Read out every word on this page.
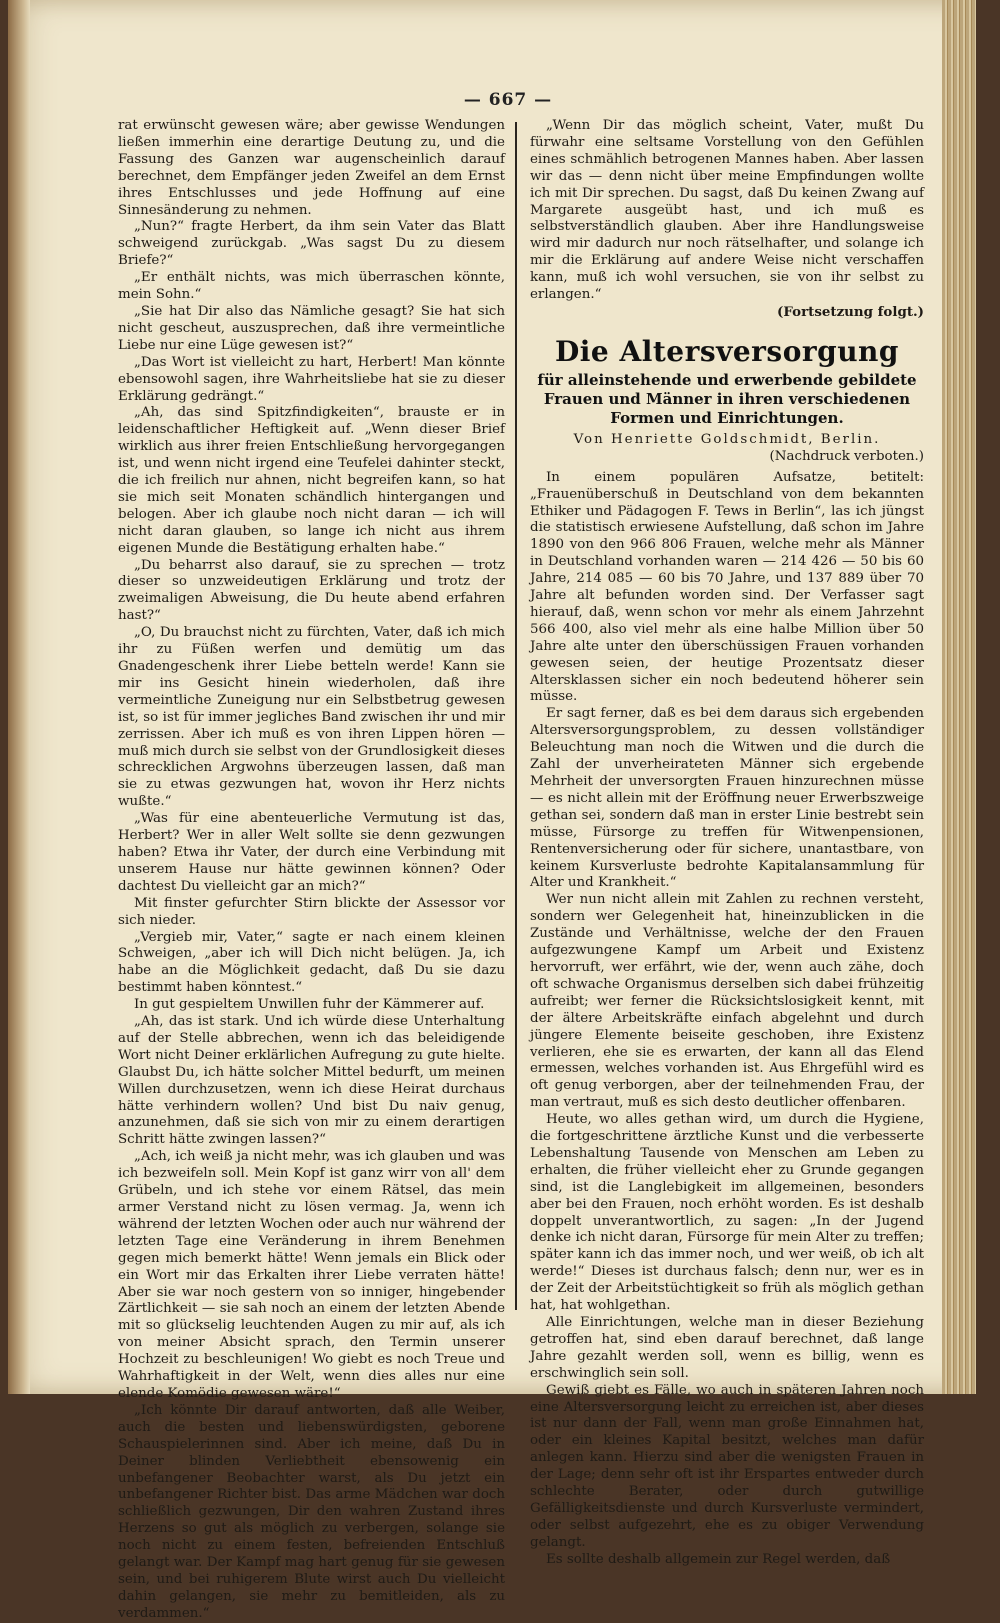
— 667 —

rat erwünscht gewesen wäre; aber gewisse Wendungen ließen immerhin eine derartige Deutung zu, und die Fassung des Ganzen war augenscheinlich darauf berechnet, dem Empfänger jeden Zweifel an dem Ernst ihres Entschlusses und jede Hoffnung auf eine Sinnesänderung zu nehmen.

„Nun?“ fragte Herbert, da ihm sein Vater das Blatt schweigend zurückgab. „Was sagst Du zu diesem Briefe?“

„Er enthält nichts, was mich überraschen könnte, mein Sohn.“

„Sie hat Dir also das Nämliche gesagt? Sie hat sich nicht gescheut, auszusprechen, daß ihre vermeintliche Liebe nur eine Lüge gewesen ist?“

„Das Wort ist vielleicht zu hart, Herbert! Man könnte ebensowohl sagen, ihre Wahrheitsliebe hat sie zu dieser Erklärung gedrängt.“

„Ah, das sind Spitzfindigkeiten“, brauste er in leidenschaftlicher Heftigkeit auf. „Wenn dieser Brief wirklich aus ihrer freien Entschließung hervorgegangen ist, und wenn nicht irgend eine Teufelei dahinter steckt, die ich freilich nur ahnen, nicht begreifen kann, so hat sie mich seit Monaten schändlich hintergangen und belogen. Aber ich glaube noch nicht daran — ich will nicht daran glauben, so lange ich nicht aus ihrem eigenen Munde die Bestätigung erhalten habe.“

„Du beharrst also darauf, sie zu sprechen — trotz dieser so unzweideutigen Erklärung und trotz der zweimaligen Abweisung, die Du heute abend erfahren hast?“

„O, Du brauchst nicht zu fürchten, Vater, daß ich mich ihr zu Füßen werfen und demütig um das Gnadengeschenk ihrer Liebe betteln werde! Kann sie mir ins Gesicht hinein wiederholen, daß ihre vermeintliche Zuneigung nur ein Selbstbetrug gewesen ist, so ist für immer jegliches Band zwischen ihr und mir zerrissen. Aber ich muß es von ihren Lippen hören — muß mich durch sie selbst von der Grundlosigkeit dieses schrecklichen Argwohns überzeugen lassen, daß man sie zu etwas gezwungen hat, wovon ihr Herz nichts wußte.“

„Was für eine abenteuerliche Vermutung ist das, Herbert? Wer in aller Welt sollte sie denn gezwungen haben? Etwa ihr Vater, der durch eine Verbindung mit unserem Hause nur hätte gewinnen können? Oder dachtest Du vielleicht gar an mich?“

Mit finster gefurchter Stirn blickte der Assessor vor sich nieder.

„Vergieb mir, Vater,“ sagte er nach einem kleinen Schweigen, „aber ich will Dich nicht belügen. Ja, ich habe an die Möglichkeit gedacht, daß Du sie dazu bestimmt haben könntest.“

In gut gespieltem Unwillen fuhr der Kämmerer auf.

„Ah, das ist stark. Und ich würde diese Unterhaltung auf der Stelle abbrechen, wenn ich das beleidigende Wort nicht Deiner erklärlichen Aufregung zu gute hielte. Glaubst Du, ich hätte solcher Mittel bedurft, um meinen Willen durchzusetzen, wenn ich diese Heirat durchaus hätte verhindern wollen? Und bist Du naiv genug, anzunehmen, daß sie sich von mir zu einem derartigen Schritt hätte zwingen lassen?“

„Ach, ich weiß ja nicht mehr, was ich glauben und was ich bezweifeln soll. Mein Kopf ist ganz wirr von all' dem Grübeln, und ich stehe vor einem Rätsel, das mein armer Verstand nicht zu lösen vermag. Ja, wenn ich während der letzten Wochen oder auch nur während der letzten Tage eine Veränderung in ihrem Benehmen gegen mich bemerkt hätte! Wenn jemals ein Blick oder ein Wort mir das Erkalten ihrer Liebe verraten hätte! Aber sie war noch gestern von so inniger, hingebender Zärtlichkeit — sie sah noch an einem der letzten Abende mit so glückselig leuchtenden Augen zu mir auf, als ich von meiner Absicht sprach, den Termin unserer Hochzeit zu beschleunigen! Wo giebt es noch Treue und Wahrhaftigkeit in der Welt, wenn dies alles nur eine elende Komödie gewesen wäre!“

„Ich könnte Dir darauf antworten, daß alle Weiber, auch die besten und liebenswürdigsten, geborene Schauspielerinnen sind. Aber ich meine, daß Du in Deiner blinden Verliebtheit ebensowenig ein unbefangener Beobachter warst, als Du jetzt ein unbefangener Richter bist. Das arme Mädchen war doch schließlich gezwungen, Dir den wahren Zustand ihres Herzens so gut als möglich zu verbergen, solange sie noch nicht zu einem festen, befreienden Entschluß gelangt war. Der Kampf mag hart genug für sie gewesen sein, und bei ruhigerem Blute wirst auch Du vielleicht dahin gelangen, sie mehr zu bemitleiden, als zu verdammen.“

„Wenn Dir das möglich scheint, Vater, mußt Du fürwahr eine seltsame Vorstellung von den Gefühlen eines schmählich betrogenen Mannes haben. Aber lassen wir das — denn nicht über meine Empfindungen wollte ich mit Dir sprechen. Du sagst, daß Du keinen Zwang auf Margarete ausgeübt hast, und ich muß es selbstverständlich glauben. Aber ihre Handlungsweise wird mir dadurch nur noch rätselhafter, und solange ich mir die Erklärung auf andere Weise nicht verschaffen kann, muß ich wohl versuchen, sie von ihr selbst zu erlangen.“

(Fortsetzung folgt.)

Die Altersversorgung
für alleinstehende und erwerbende gebildete Frauen und Männer in ihren verschiedenen Formen und Einrichtungen.
Von Henriette Goldschmidt, Berlin.
(Nachdruck verboten.)

In einem populären Aufsatze, betitelt: „Frauenüberschuß in Deutschland von dem bekannten Ethiker und Pädagogen F. Tews in Berlin“, las ich jüngst die statistisch erwiesene Aufstellung, daß schon im Jahre 1890 von den 966 806 Frauen, welche mehr als Männer in Deutschland vorhanden waren — 214 426 — 50 bis 60 Jahre, 214 085 — 60 bis 70 Jahre, und 137 889 über 70 Jahre alt befunden worden sind. Der Verfasser sagt hierauf, daß, wenn schon vor mehr als einem Jahrzehnt 566 400, also viel mehr als eine halbe Million über 50 Jahre alte unter den überschüssigen Frauen vorhanden gewesen seien, der heutige Prozentsatz dieser Altersklassen sicher ein noch bedeutend höherer sein müsse.

Er sagt ferner, daß es bei dem daraus sich ergebenden Altersversorgungsproblem, zu dessen vollständiger Beleuchtung man noch die Witwen und die durch die Zahl der unverheirateten Männer sich ergebende Mehrheit der unversorgten Frauen hinzurechnen müsse — es nicht allein mit der Eröffnung neuer Erwerbszweige gethan sei, sondern daß man in erster Linie bestrebt sein müsse, Fürsorge zu treffen für Witwenpensionen, Rentenversicherung oder für sichere, unantastbare, von keinem Kursverluste bedrohte Kapitalansammlung für Alter und Krankheit.“

Wer nun nicht allein mit Zahlen zu rechnen versteht, sondern wer Gelegenheit hat, hineinzublicken in die Zustände und Verhältnisse, welche der den Frauen aufgezwungene Kampf um Arbeit und Existenz hervorruft, wer erfährt, wie der, wenn auch zähe, doch oft schwache Organismus derselben sich dabei frühzeitig aufreibt; wer ferner die Rücksichtslosigkeit kennt, mit der ältere Arbeitskräfte einfach abgelehnt und durch jüngere Elemente beiseite geschoben, ihre Existenz verlieren, ehe sie es erwarten, der kann all das Elend ermessen, welches vorhanden ist. Aus Ehrgefühl wird es oft genug verborgen, aber der teilnehmenden Frau, der man vertraut, muß es sich desto deutlicher offenbaren.

Heute, wo alles gethan wird, um durch die Hygiene, die fortgeschrittene ärztliche Kunst und die verbesserte Lebenshaltung Tausende von Menschen am Leben zu erhalten, die früher vielleicht eher zu Grunde gegangen sind, ist die Langlebigkeit im allgemeinen, besonders aber bei den Frauen, noch erhöht worden. Es ist deshalb doppelt unverantwortlich, zu sagen: „In der Jugend denke ich nicht daran, Fürsorge für mein Alter zu treffen; später kann ich das immer noch, und wer weiß, ob ich alt werde!“ Dieses ist durchaus falsch; denn nur, wer es in der Zeit der Arbeitstüchtigkeit so früh als möglich gethan hat, hat wohlgethan.

Alle Einrichtungen, welche man in dieser Beziehung getroffen hat, sind eben darauf berechnet, daß lange Jahre gezahlt werden soll, wenn es billig, wenn es erschwinglich sein soll.

Gewiß giebt es Fälle, wo auch in späteren Jahren noch eine Altersversorgung leicht zu erreichen ist, aber dieses ist nur dann der Fall, wenn man große Einnahmen hat, oder ein kleines Kapital besitzt, welches man dafür anlegen kann. Hierzu sind aber die wenigsten Frauen in der Lage; denn sehr oft ist ihr Erspartes entweder durch schlechte Berater, oder durch gutwillige Gefälligkeitsdienste und durch Kursverluste vermindert, oder selbst aufgezehrt, ehe es zu obiger Verwendung gelangt.

Es sollte deshalb allgemein zur Regel werden, daß
